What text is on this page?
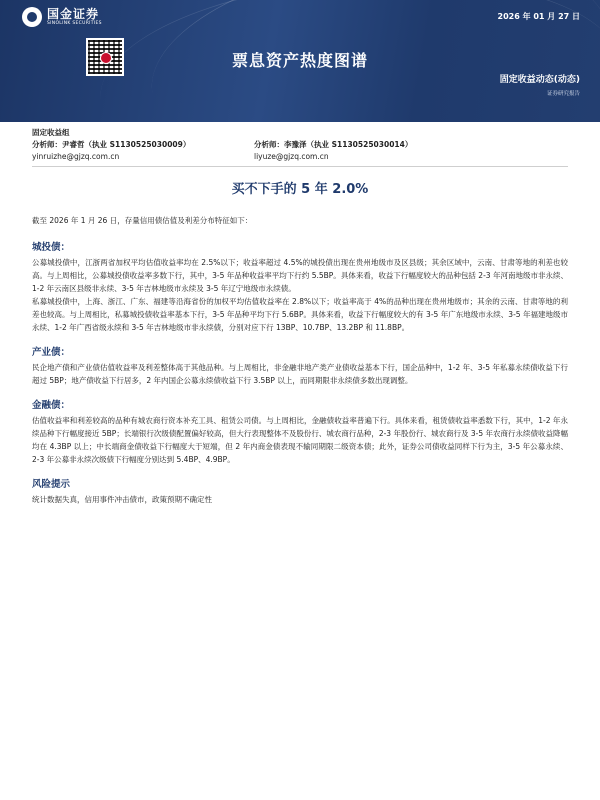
国金证券
SINOLINK SECURITIES
2026 年 01 月 27 日
票息资产热度图谱
固定收益动态(动态)
证券研究报告
固定收益组
分析师：尹睿哲（执业 S1130525030009）	分析师：李豫泽（执业 S1130525030014）
yinruizhe@gjzq.com.cn	liyuze@gjzq.com.cn
买不下手的 5 年 2.0%

截至 2026 年 1 月 26 日，存量信用债估值及利差分布特征如下：

城投债：

公募城投债中，江浙两省加权平均估值收益率均在 2.5%以下；收益率超过 4.5%的城投债出现在贵州地级市及区县级；其余区域中，云南、甘肃等地的利差也较高。与上周相比，公募城投债收益率多数下行，其中，3-5 年品种收益率平均下行约 5.5BP。具体来看，收益下行幅度较大的品种包括 2-3 年河南地级市非永续、1-2 年云南区县级非永续、3-5 年吉林地级市永续及 3-5 年辽宁地级市永续债。

私募城投债中，上海、浙江、广东、福建等沿海省份的加权平均估值收益率在 2.8%以下；收益率高于 4%的品种出现在贵州地级市；其余的云南、甘肃等地的利差也较高。与上周相比，私募城投债收益率基本下行，3-5 年品种平均下行 5.6BP。具体来看，收益下行幅度较大的有 3-5 年广东地级市永续、3-5 年福建地级市永续、1-2 年广西省级永续和 3-5 年吉林地级市非永续债，分别对应下行 13BP、10.7BP、13.2BP 和 11.8BP。

产业债：

民企地产债和产业债估值收益率及利差整体高于其他品种。与上周相比，非金融非地产类产业债收益基本下行，国企品种中，1-2 年、3-5 年私募永续债收益下行超过 5BP；地产债收益下行居多，2 年内国企公募永续债收益下行 3.5BP 以上，而同期限非永续债多数出现调整。

金融债：

估值收益率和利差较高的品种有城农商行资本补充工具、租赁公司债。与上周相比，金融债收益率普遍下行。具体来看，租赁债收益率悉数下行，其中，1-2 年永续品种下行幅度接近 5BP；长端银行次级债配置偏好较高，但大行表现整体不及股份行、城农商行品种，2-3 年股份行、城农商行及 3-5 年农商行永续债收益降幅均在 4.3BP 以上；中长端商金债收益下行幅度大于短端，但 2 年内商金债表现不输同期限二级资本债；此外，证券公司债收益同样下行为主，3-5 年公募永续、2-3 年公募非永续次级债下行幅度分别达到 5.4BP、4.9BP。

风险提示

统计数据失真，信用事件冲击债市，政策预期不确定性
